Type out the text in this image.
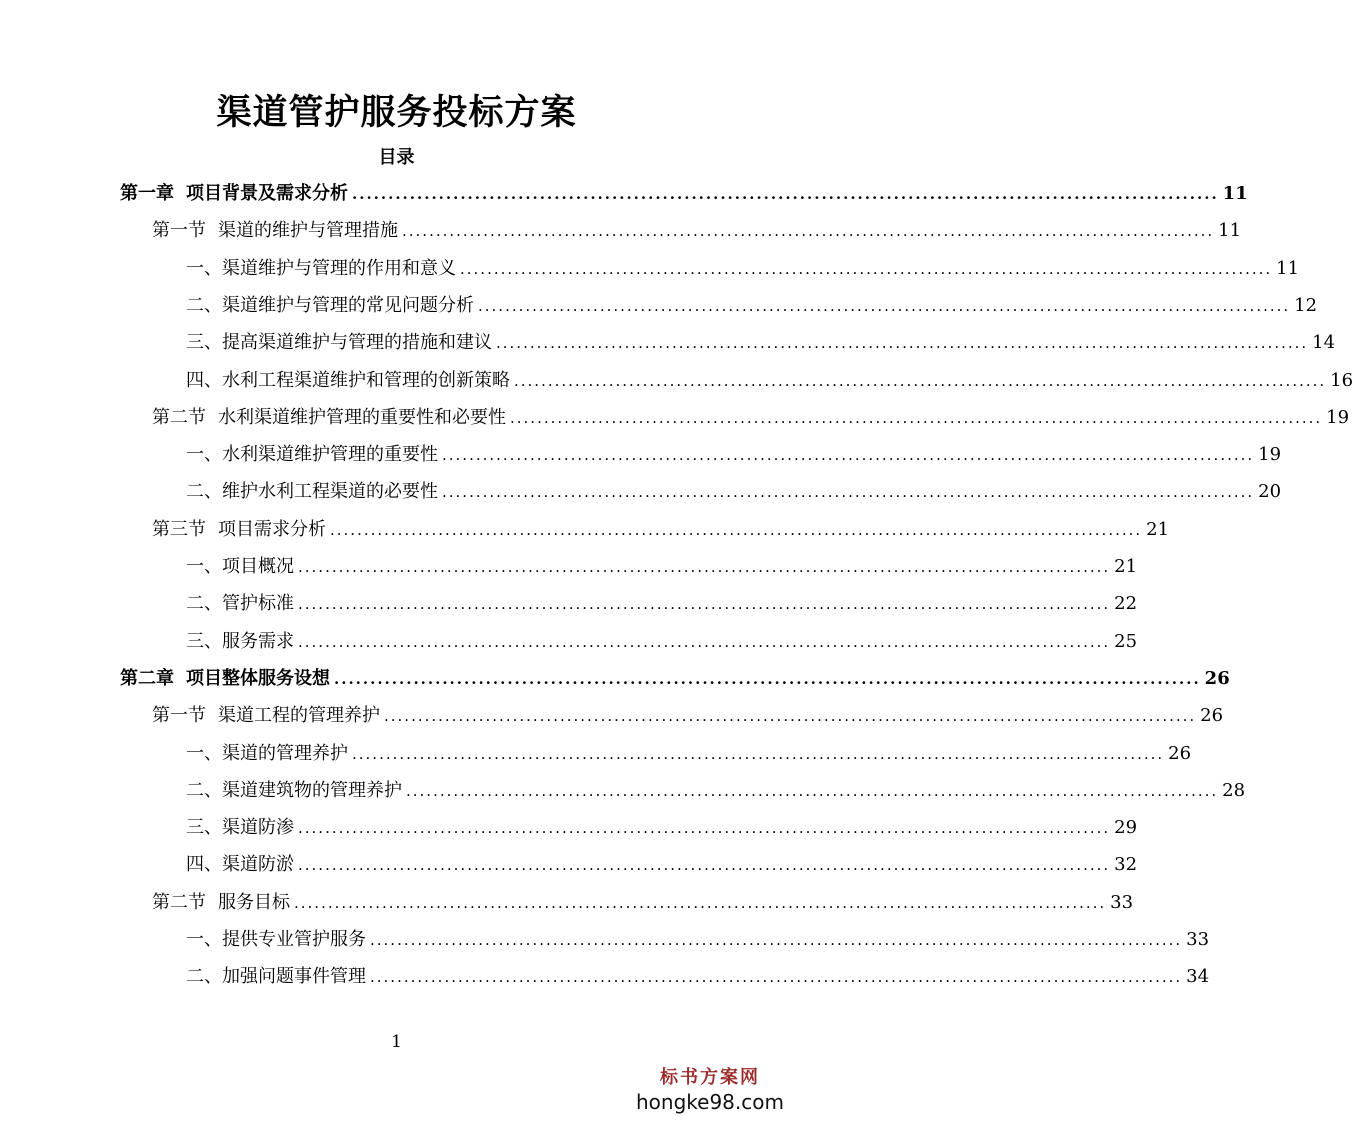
渠道管护服务投标方案
目录
第一章 项目背景及需求分析 ........................................................................................................................ 11
第一节 渠道的维护与管理措施 ........................................................................................................................ 11
一、渠道维护与管理的作用和意义 ........................................................................................................................ 11
二、渠道维护与管理的常见问题分析 ........................................................................................................................ 12
三、提高渠道维护与管理的措施和建议 ........................................................................................................................ 14
四、水利工程渠道维护和管理的创新策略 ........................................................................................................................ 16
第二节 水利渠道维护管理的重要性和必要性 ........................................................................................................................ 19
一、水利渠道维护管理的重要性 ........................................................................................................................ 19
二、维护水利工程渠道的必要性 ........................................................................................................................ 20
第三节 项目需求分析 ........................................................................................................................ 21
一、项目概况 ........................................................................................................................ 21
二、管护标准 ........................................................................................................................ 22
三、服务需求 ........................................................................................................................ 25
第二章 项目整体服务设想 ........................................................................................................................ 26
第一节 渠道工程的管理养护 ........................................................................................................................ 26
一、渠道的管理养护 ........................................................................................................................ 26
二、渠道建筑物的管理养护 ........................................................................................................................ 28
三、渠道防渗 ........................................................................................................................ 29
四、渠道防淤 ........................................................................................................................ 32
第二节 服务目标 ........................................................................................................................ 33
一、提供专业管护服务 ........................................................................................................................ 33
二、加强问题事件管理 ........................................................................................................................ 34
1
标书方案网
hongke98.com
